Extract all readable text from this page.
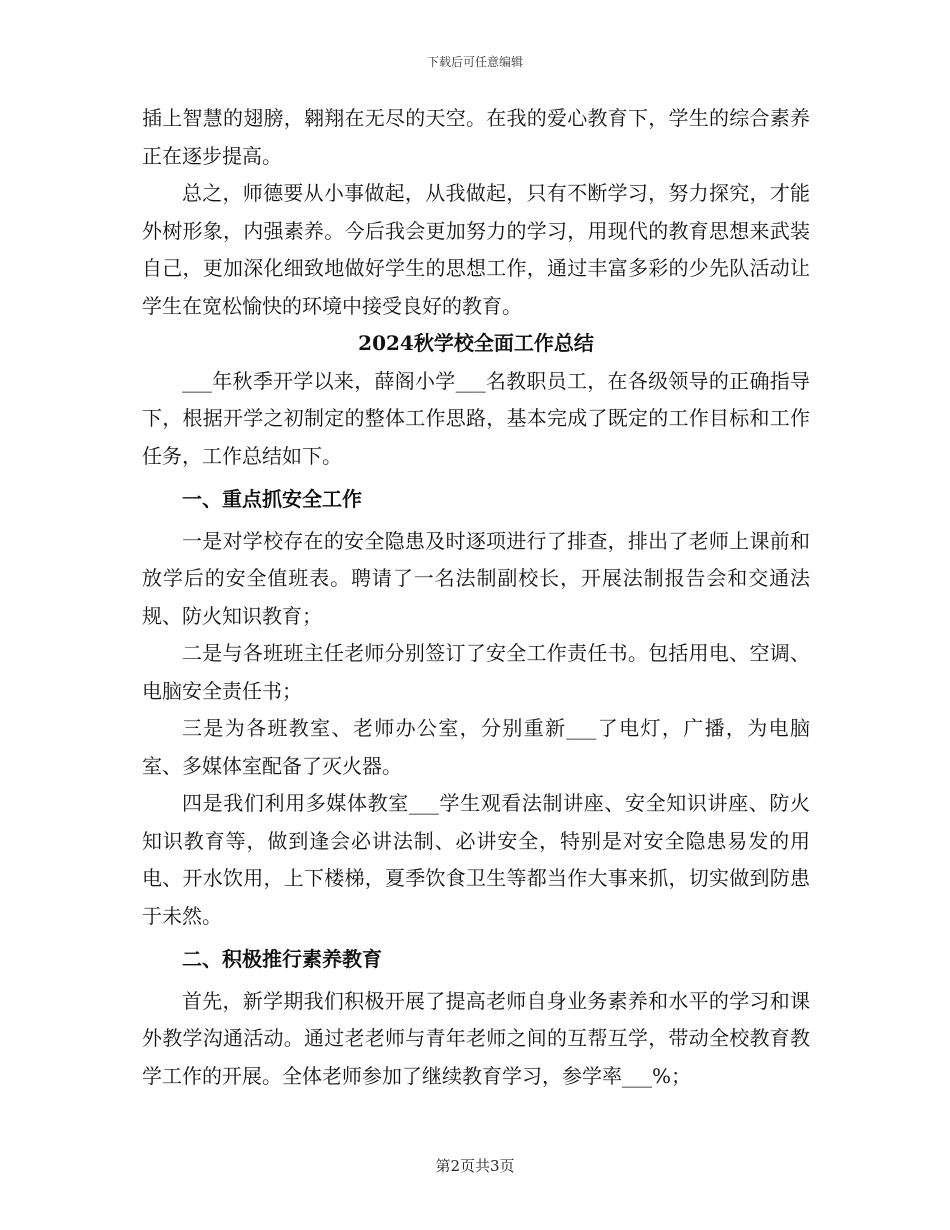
下载后可任意编辑

插上智慧的翅膀，翱翔在无尽的天空。在我的爱心教育下，学生的综合素养正在逐步提高。

总之，师德要从小事做起，从我做起，只有不断学习，努力探究，才能外树形象，内强素养。今后我会更加努力的学习，用现代的教育思想来武装自己，更加深化细致地做好学生的思想工作，通过丰富多彩的少先队活动让学生在宽松愉快的环境中接受良好的教育。

2024秋学校全面工作总结

___年秋季开学以来，薛阁小学___名教职员工，在各级领导的正确指导下，根据开学之初制定的整体工作思路，基本完成了既定的工作目标和工作任务，工作总结如下。

一、重点抓安全工作

一是对学校存在的安全隐患及时逐项进行了排查，排出了老师上课前和放学后的安全值班表。聘请了一名法制副校长，开展法制报告会和交通法规、防火知识教育；

二是与各班班主任老师分别签订了安全工作责任书。包括用电、空调、电脑安全责任书；

三是为各班教室、老师办公室，分别重新___了电灯，广播，为电脑室、多媒体室配备了灭火器。

四是我们利用多媒体教室___学生观看法制讲座、安全知识讲座、防火知识教育等，做到逢会必讲法制、必讲安全，特别是对安全隐患易发的用电、开水饮用，上下楼梯，夏季饮食卫生等都当作大事来抓，切实做到防患于未然。

二、积极推行素养教育

首先，新学期我们积极开展了提高老师自身业务素养和水平的学习和课外教学沟通活动。通过老老师与青年老师之间的互帮互学，带动全校教育教学工作的开展。全体老师参加了继续教育学习，参学率___%；

第2页共3页
